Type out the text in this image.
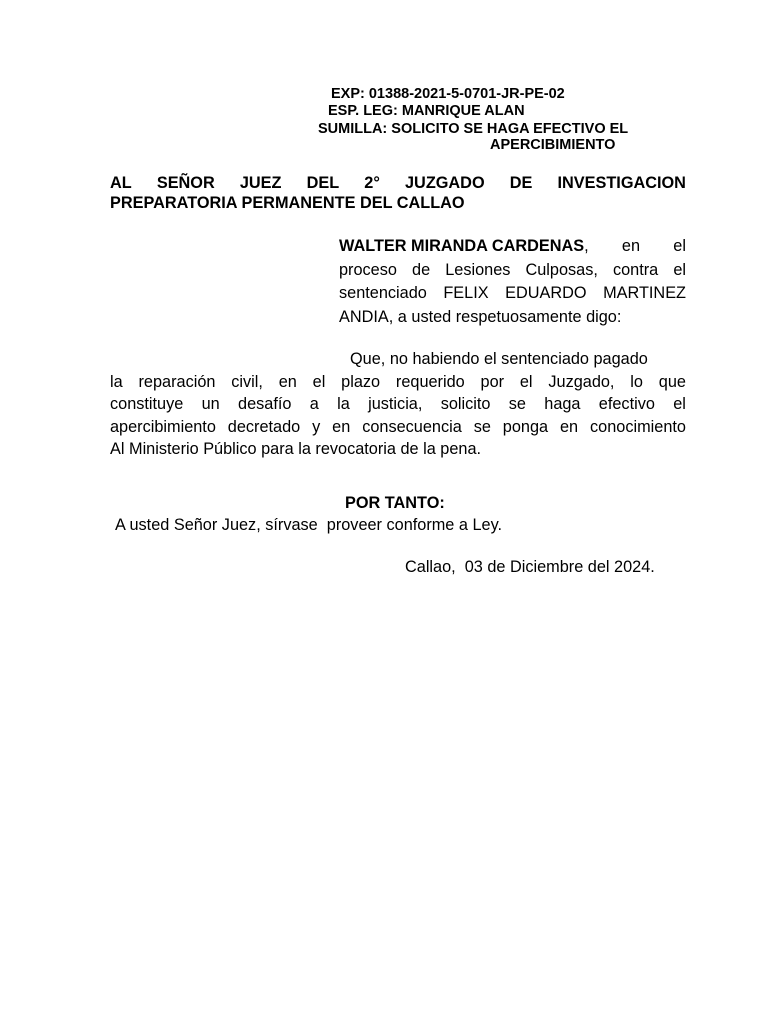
EXP: 01388-2021-5-0701-JR-PE-02
ESP. LEG: MANRIQUE ALAN
SUMILLA: SOLICITO SE HAGA EFECTIVO EL
APERCIBIMIENTO
AL SEÑOR JUEZ DEL 2° JUZGADO DE INVESTIGACION
PREPARATORIA PERMANENTE DEL CALLAO
WALTER MIRANDA CARDENAS, en el
proceso de Lesiones Culposas, contra el
sentenciado FELIX EDUARDO MARTINEZ
ANDIA, a usted respetuosamente digo:
Que, no habiendo el sentenciado pagado
la reparación civil, en el plazo requerido por el Juzgado, lo que
constituye un desafío a la justicia, solicito se haga efectivo el
apercibimiento decretado y en consecuencia se ponga en conocimiento
Al Ministerio Público para la revocatoria de la pena.
POR TANTO:
A usted Señor Juez, sírvase  proveer conforme a Ley.
Callao,  03 de Diciembre del 2024.
